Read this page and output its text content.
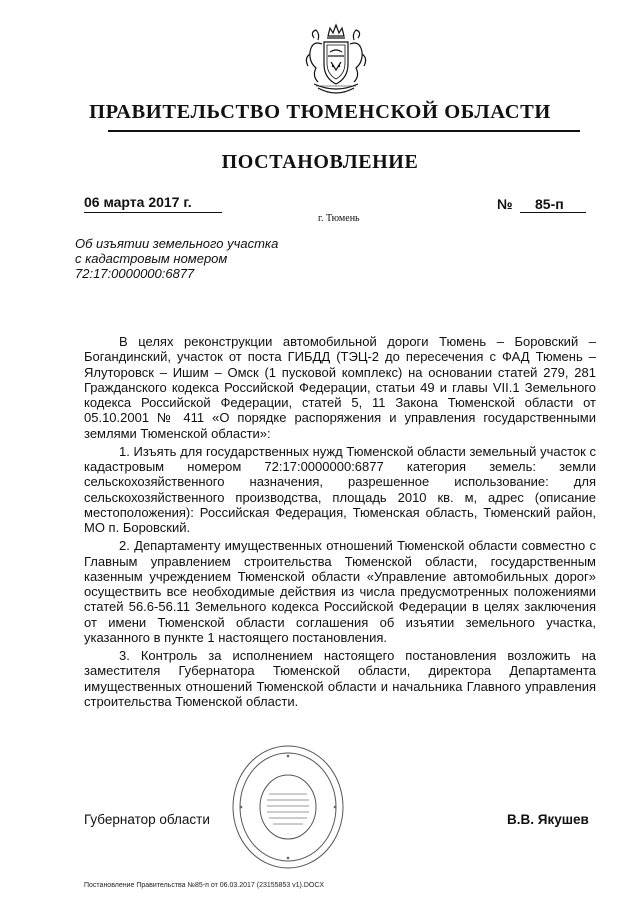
ПРАВИТЕЛЬСТВО ТЮМЕНСКОЙ ОБЛАСТИ
ПОСТАНОВЛЕНИЕ
06 марта 2017 г.	№ 85-п
г. Тюмень
Об изъятии земельного участка
с кадастровым номером
72:17:0000000:6877

В целях реконструкции автомобильной дороги Тюмень – Боровский – Богандинский, участок от поста ГИБДД (ТЭЦ-2 до пересечения с ФАД Тюмень – Ялуторовск – Ишим – Омск (1 пусковой комплекс) на основании статей 279, 281 Гражданского кодекса Российской Федерации, статьи 49 и главы VII.1 Земельного кодекса Российской Федерации, статей 5, 11 Закона Тюменской области от 05.10.2001 № 411 «О порядке распоряжения и управления государственными землями Тюменской области»:

1. Изъять для государственных нужд Тюменской области земельный участок с кадастровым номером 72:17:0000000:6877 категория земель: земли сельскохозяйственного назначения, разрешенное использование: для сельскохозяйственного производства, площадь 2010 кв. м, адрес (описание местоположения): Российская Федерация, Тюменская область, Тюменский район, МО п. Боровский.

2. Департаменту имущественных отношений Тюменской области совместно с Главным управлением строительства Тюменской области, государственным казенным учреждением Тюменской области «Управление автомобильных дорог» осуществить все необходимые действия из числа предусмотренных положениями статей 56.6-56.11 Земельного кодекса Российской Федерации в целях заключения от имени Тюменской области соглашения об изъятии земельного участка, указанного в пункте 1 настоящего постановления.

3. Контроль за исполнением настоящего постановления возложить на заместителя Губернатора Тюменской области, директора Департамента имущественных отношений Тюменской области и начальника Главного управления строительства Тюменской области.

Губернатор области	В.В. Якушев
Постановление Правительства №85-п от 06.03.2017 (23155853 v1).DOCX
